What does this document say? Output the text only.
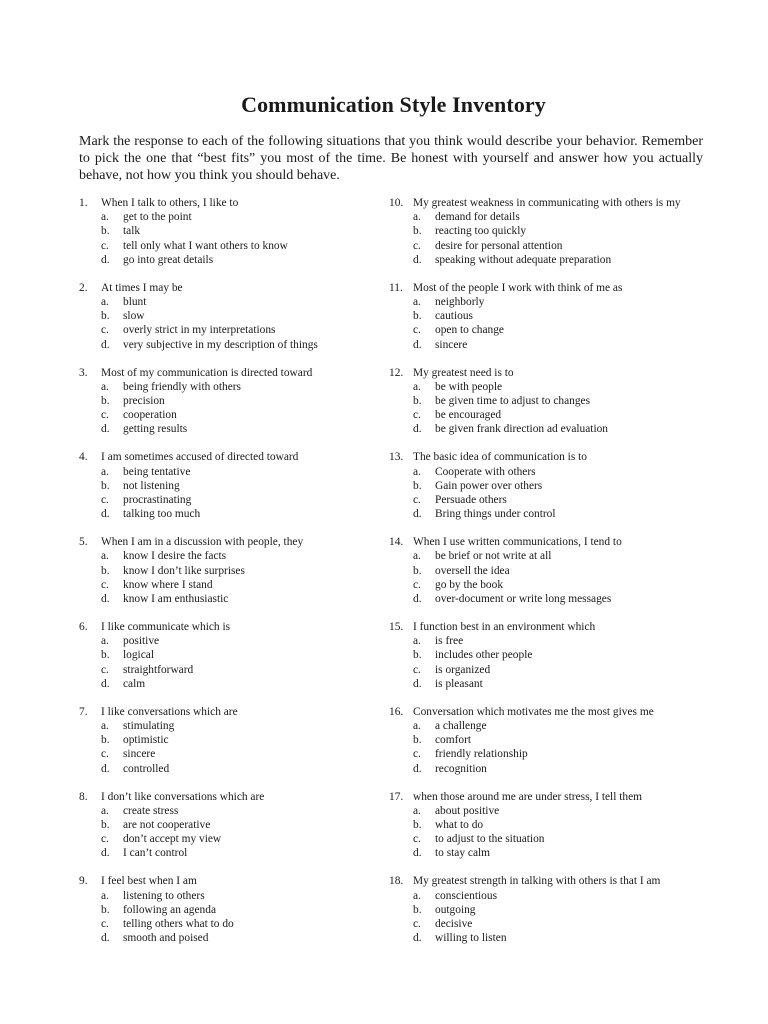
Communication Style Inventory

Mark the response to each of the following situations that you think would describe your behavior. Remember to pick the one that “best fits” you most of the time. Be honest with yourself and answer how you actually behave, not how you think you should behave.

1.	When I talk to others, I like to
a.	get to the point
b.	talk
c.	tell only what I want others to know
d.	go into great details
2.	At times I may be
a.	blunt
b.	slow
c.	overly strict in my interpretations
d.	very subjective in my description of things
3.	Most of my communication is directed toward
a.	being friendly with others
b.	precision
c.	cooperation
d.	getting results
4.	I am sometimes accused of directed toward
a.	being tentative
b.	not listening
c.	procrastinating
d.	talking too much
5.	When I am in a discussion with people, they
a.	know I desire the facts
b.	know I don’t like surprises
c.	know where I stand
d.	know I am enthusiastic
6.	I like communicate which is
a.	positive
b.	logical
c.	straightforward
d.	calm
7.	I like conversations which are
a.	stimulating
b.	optimistic
c.	sincere
d.	controlled
8.	I don’t like conversations which are
a.	create stress
b.	are not cooperative
c.	don’t accept my view
d.	I can’t control
9.	I feel best when I am
a.	listening to others
b.	following an agenda
c.	telling others what to do
d.	smooth and poised
10. My greatest weakness in communicating with others is my
a.	demand for details
b.	reacting too quickly
c.	desire for personal attention
d.	speaking without adequate preparation
11. Most of the people I work with think of me as
a.	neighborly
b.	cautious
c.	open to change
d.	sincere
12. My greatest need is to
a.	be with people
b.	be given time to adjust to changes
c.	be encouraged
d.	be given frank direction ad evaluation
13. The basic idea of communication is to
a.	Cooperate with others
b.	Gain power over others
c.	Persuade others
d.	Bring things under control
14. When I use written communications, I tend to
a.	be brief or not write at all
b.	oversell the idea
c.	go by the book
d.	over-document or write long messages
15. I function best in an environment which
a.	is free
b.	includes other people
c.	is organized
d.	is pleasant
16. Conversation which motivates me the most gives me
a.	a challenge
b.	comfort
c.	friendly relationship
d.	recognition
17. when those around me are under stress, I tell them
a.	about positive
b.	what to do
c.	to adjust to the situation
d.	to stay calm
18. My greatest strength in talking with others is that I am
a.	conscientious
b.	outgoing
c.	decisive
d.	willing to listen
